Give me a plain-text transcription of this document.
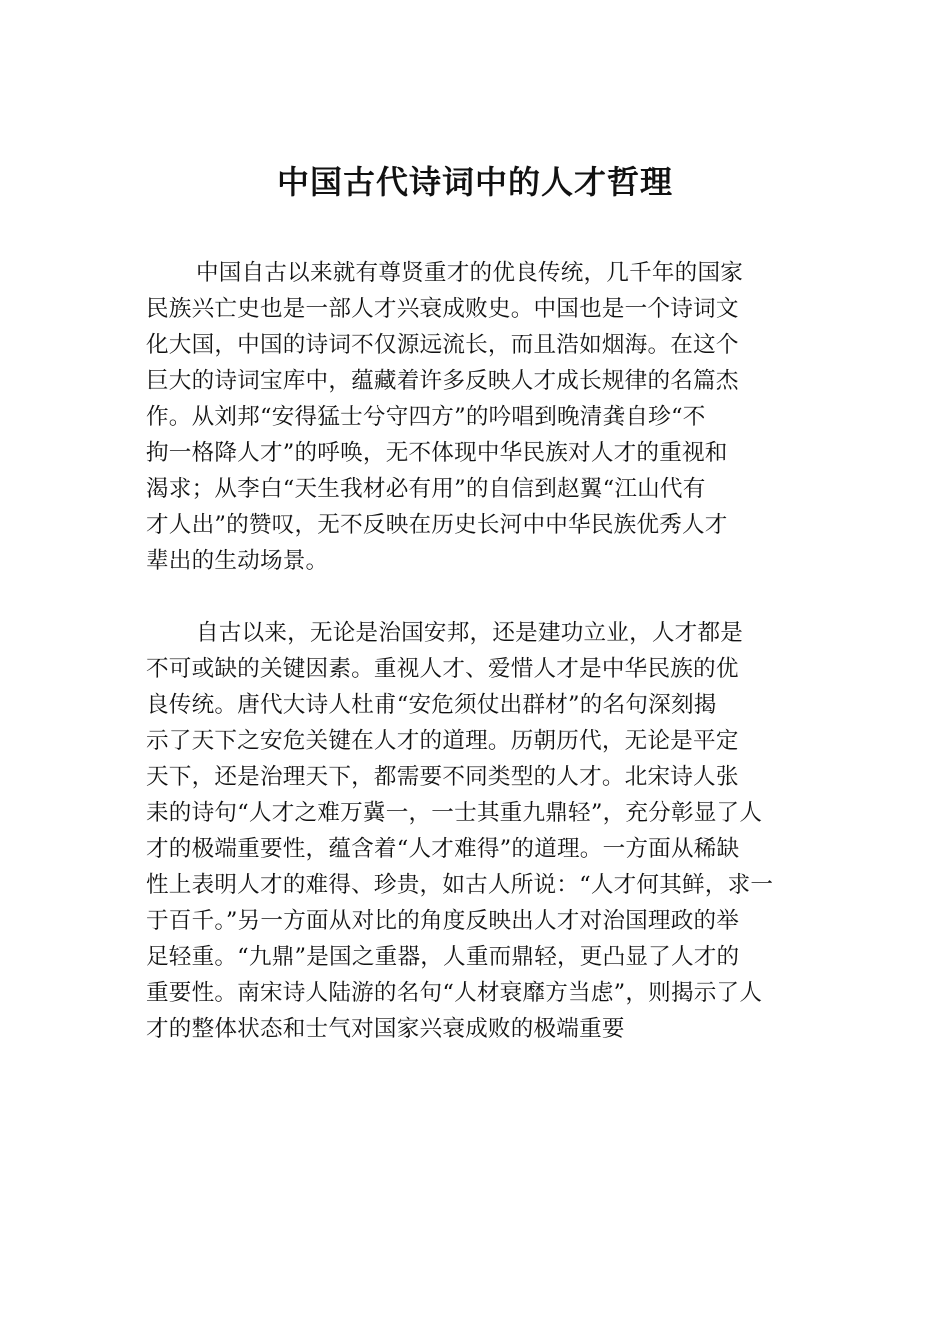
中国古代诗词中的人才哲理

中国自古以来就有尊贤重才的优良传统，几千年的国家
民族兴亡史也是一部人才兴衰成败史。中国也是一个诗词文
化大国，中国的诗词不仅源远流长，而且浩如烟海。在这个
巨大的诗词宝库中，蕴藏着许多反映人才成长规律的名篇杰
作。从刘邦“安得猛士兮守四方”的吟唱到晚清龚自珍“不
拘一格降人才”的呼唤，无不体现中华民族对人才的重视和
渴求；从李白“天生我材必有用”的自信到赵翼“江山代有
才人出”的赞叹，无不反映在历史长河中中华民族优秀人才
辈出的生动场景。

自古以来，无论是治国安邦，还是建功立业，人才都是
不可或缺的关键因素。重视人才、爱惜人才是中华民族的优
良传统。唐代大诗人杜甫“安危须仗出群材”的名句深刻揭
示了天下之安危关键在人才的道理。历朝历代，无论是平定
天下，还是治理天下，都需要不同类型的人才。北宋诗人张
耒的诗句“人才之难万冀一，一士其重九鼎轻”，充分彰显了人
才的极端重要性，蕴含着“人才难得”的道理。一方面从稀缺
性上表明人才的难得、珍贵，如古人所说：“人才何其鲜，求一
于百千。”另一方面从对比的角度反映出人才对治国理政的举
足轻重。“九鼎”是国之重器，人重而鼎轻，更凸显了人才的
重要性。南宋诗人陆游的名句“人材衰靡方当虑”，则揭示了人
才的整体状态和士气对国家兴衰成败的极端重要
